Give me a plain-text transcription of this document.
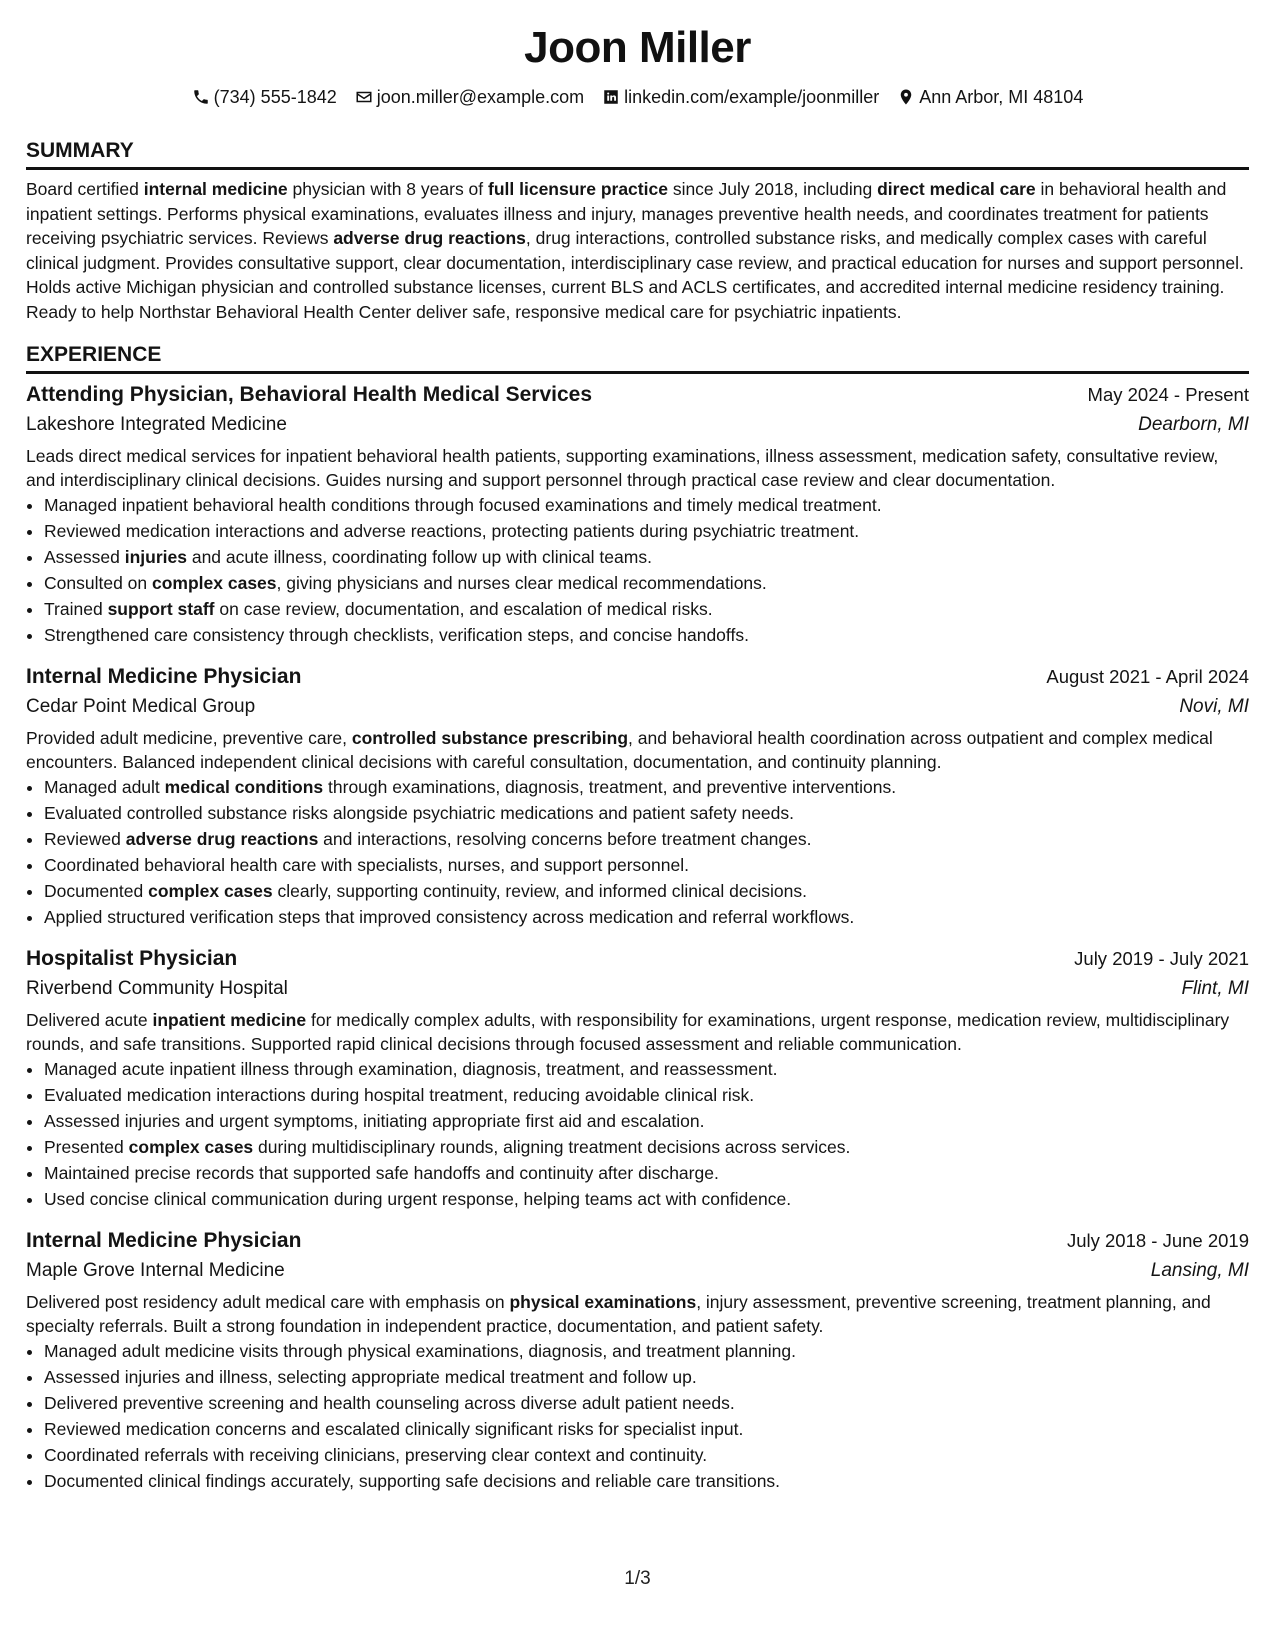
Joon Miller
(734) 555-1842 joon.miller@example.com linkedin.com/example/joonmiller Ann Arbor, MI 48104
SUMMARY

Board certified internal medicine physician with 8 years of full licensure practice since July 2018, including direct medical care in behavioral health and inpatient settings. Performs physical examinations, evaluates illness and injury, manages preventive health needs, and coordinates treatment for patients receiving psychiatric services. Reviews adverse drug reactions, drug interactions, controlled substance risks, and medically complex cases with careful clinical judgment. Provides consultative support, clear documentation, interdisciplinary case review, and practical education for nurses and support personnel. Holds active Michigan physician and controlled substance licenses, current BLS and ACLS certificates, and accredited internal medicine residency training. Ready to help Northstar Behavioral Health Center deliver safe, responsive medical care for psychiatric inpatients.

EXPERIENCE
Attending Physician, Behavioral Health Medical Services	May 2024 - Present
Lakeshore Integrated Medicine	Dearborn, MI

Leads direct medical services for inpatient behavioral health patients, supporting examinations, illness assessment, medication safety, consultative review, and interdisciplinary clinical decisions. Guides nursing and support personnel through practical case review and clear documentation.

• Managed inpatient behavioral health conditions through focused examinations and timely medical treatment.
• Reviewed medication interactions and adverse reactions, protecting patients during psychiatric treatment.
• Assessed injuries and acute illness, coordinating follow up with clinical teams.
• Consulted on complex cases, giving physicians and nurses clear medical recommendations.
• Trained support staff on case review, documentation, and escalation of medical risks.
• Strengthened care consistency through checklists, verification steps, and concise handoffs.
Internal Medicine Physician	August 2021 - April 2024
Cedar Point Medical Group	Novi, MI

Provided adult medicine, preventive care, controlled substance prescribing, and behavioral health coordination across outpatient and complex medical encounters. Balanced independent clinical decisions with careful consultation, documentation, and continuity planning.

• Managed adult medical conditions through examinations, diagnosis, treatment, and preventive interventions.
• Evaluated controlled substance risks alongside psychiatric medications and patient safety needs.
• Reviewed adverse drug reactions and interactions, resolving concerns before treatment changes.
• Coordinated behavioral health care with specialists, nurses, and support personnel.
• Documented complex cases clearly, supporting continuity, review, and informed clinical decisions.
• Applied structured verification steps that improved consistency across medication and referral workflows.
Hospitalist Physician	July 2019 - July 2021
Riverbend Community Hospital	Flint, MI

Delivered acute inpatient medicine for medically complex adults, with responsibility for examinations, urgent response, medication review, multidisciplinary rounds, and safe transitions. Supported rapid clinical decisions through focused assessment and reliable communication.

• Managed acute inpatient illness through examination, diagnosis, treatment, and reassessment.
• Evaluated medication interactions during hospital treatment, reducing avoidable clinical risk.
• Assessed injuries and urgent symptoms, initiating appropriate first aid and escalation.
• Presented complex cases during multidisciplinary rounds, aligning treatment decisions across services.
• Maintained precise records that supported safe handoffs and continuity after discharge.
• Used concise clinical communication during urgent response, helping teams act with confidence.
Internal Medicine Physician	July 2018 - June 2019
Maple Grove Internal Medicine	Lansing, MI

Delivered post residency adult medical care with emphasis on physical examinations, injury assessment, preventive screening, treatment planning, and specialty referrals. Built a strong foundation in independent practice, documentation, and patient safety.

• Managed adult medicine visits through physical examinations, diagnosis, and treatment planning.
• Assessed injuries and illness, selecting appropriate medical treatment and follow up.
• Delivered preventive screening and health counseling across diverse adult patient needs.
• Reviewed medication concerns and escalated clinically significant risks for specialist input.
• Coordinated referrals with receiving clinicians, preserving clear context and continuity.
• Documented clinical findings accurately, supporting safe decisions and reliable care transitions.
1/3
